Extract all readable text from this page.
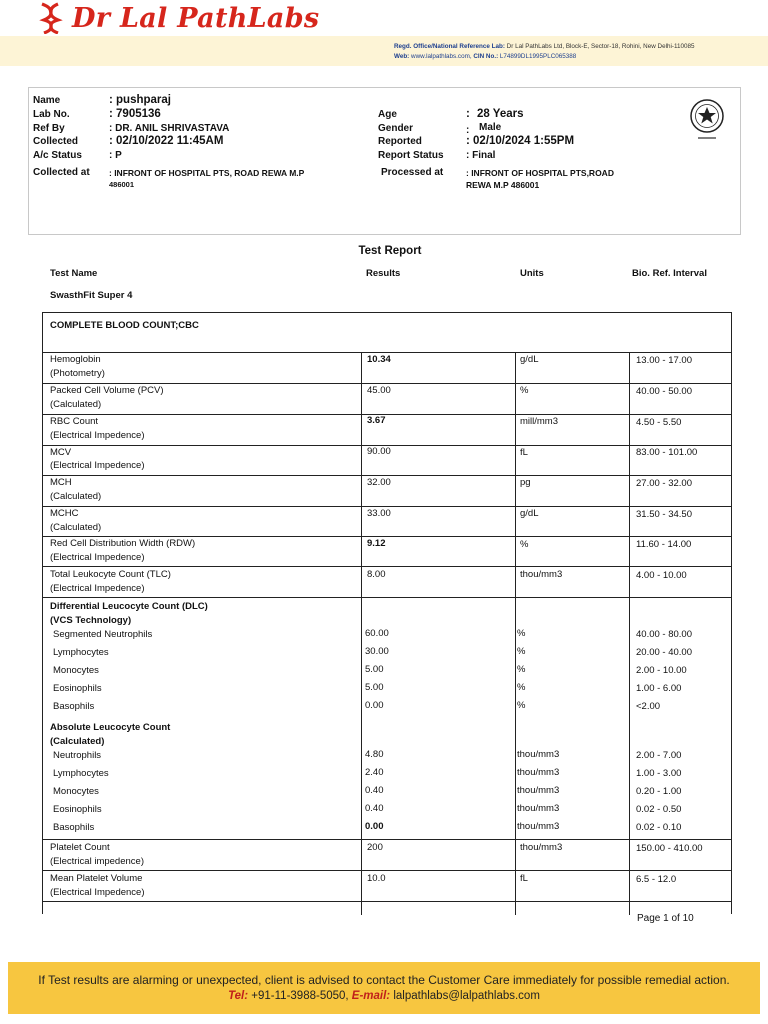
Dr Lal PathLabs
Regd. Office/National Reference Lab: Dr Lal PathLabs Ltd, Block-E, Sector-18, Rohini, New Delhi-110085
Web: www.lalpathlabs.com, CIN No.: L74899DL1995PLC065388
Name	: pushparaj
Lab No.	: 7905136
Ref By	: DR. ANIL SHRIVASTAVA
Collected	: 02/10/2022 11:45AM
A/c Status	: P
Collected at : INFRONT OF HOSPITAL PTS, ROAD REWA M.P
486001
Age	: 28 Years
Gender	: Male
Reported	: 02/10/2024 1:55PM
Report Status : Final
Processed at	: INFRONT OF HOSPITAL PTS,ROAD
REWA M.P 486001
Test Report
Test Name	Results	Units	Bio. Ref. Interval
SwasthFit Super 4
COMPLETE BLOOD COUNT;CBC
Hemoglobin
(Photometry)
10.34	g/dL	13.00 - 17.00
Packed Cell Volume (PCV)
(Calculated)
45.00	%	40.00 - 50.00
RBC Count
(Electrical Impedence)
3.67	mill/mm3	4.50 - 5.50
MCV
(Electrical Impedence)
90.00	fL	83.00 - 101.00
MCH
(Calculated)
32.00	pg	27.00 - 32.00
MCHC
(Calculated)
33.00	g/dL	31.50 - 34.50
Red Cell Distribution Width (RDW)
(Electrical Impedence)
9.12	%	11.60 - 14.00
Total Leukocyte Count (TLC)
(Electrical Impedence)
8.00	thou/mm3	4.00 - 10.00
Differential Leucocyte Count (DLC)
(VCS Technology)
Segmented Neutrophils	60.00	%	40.00 - 80.00
Lymphocytes	30.00	%	20.00 - 40.00
Monocytes	5.00	%	2.00 - 10.00
Eosinophils	5.00	%	1.00 - 6.00
Basophils	0.00	%	<2.00
Absolute Leucocyte Count
(Calculated)
Neutrophils	4.80	thou/mm3	2.00 - 7.00
Lymphocytes	2.40	thou/mm3	1.00 - 3.00
Monocytes	0.40	thou/mm3	0.20 - 1.00
Eosinophils	0.40	thou/mm3	0.02 - 0.50
Basophils	0.00	thou/mm3	0.02 - 0.10
Platelet Count
(Electrical impedence)
200	thou/mm3	150.00 - 410.00
Mean Platelet Volume
(Electrical Impedence)
10.0	fL	6.5 - 12.0
Page 1 of 10
If Test results are alarming or unexpected, client is advised to contact the Customer Care immediately for possible remedial action.
Tel: +91-11-3988-5050, E-mail: lalpathlabs@lalpathlabs.com
